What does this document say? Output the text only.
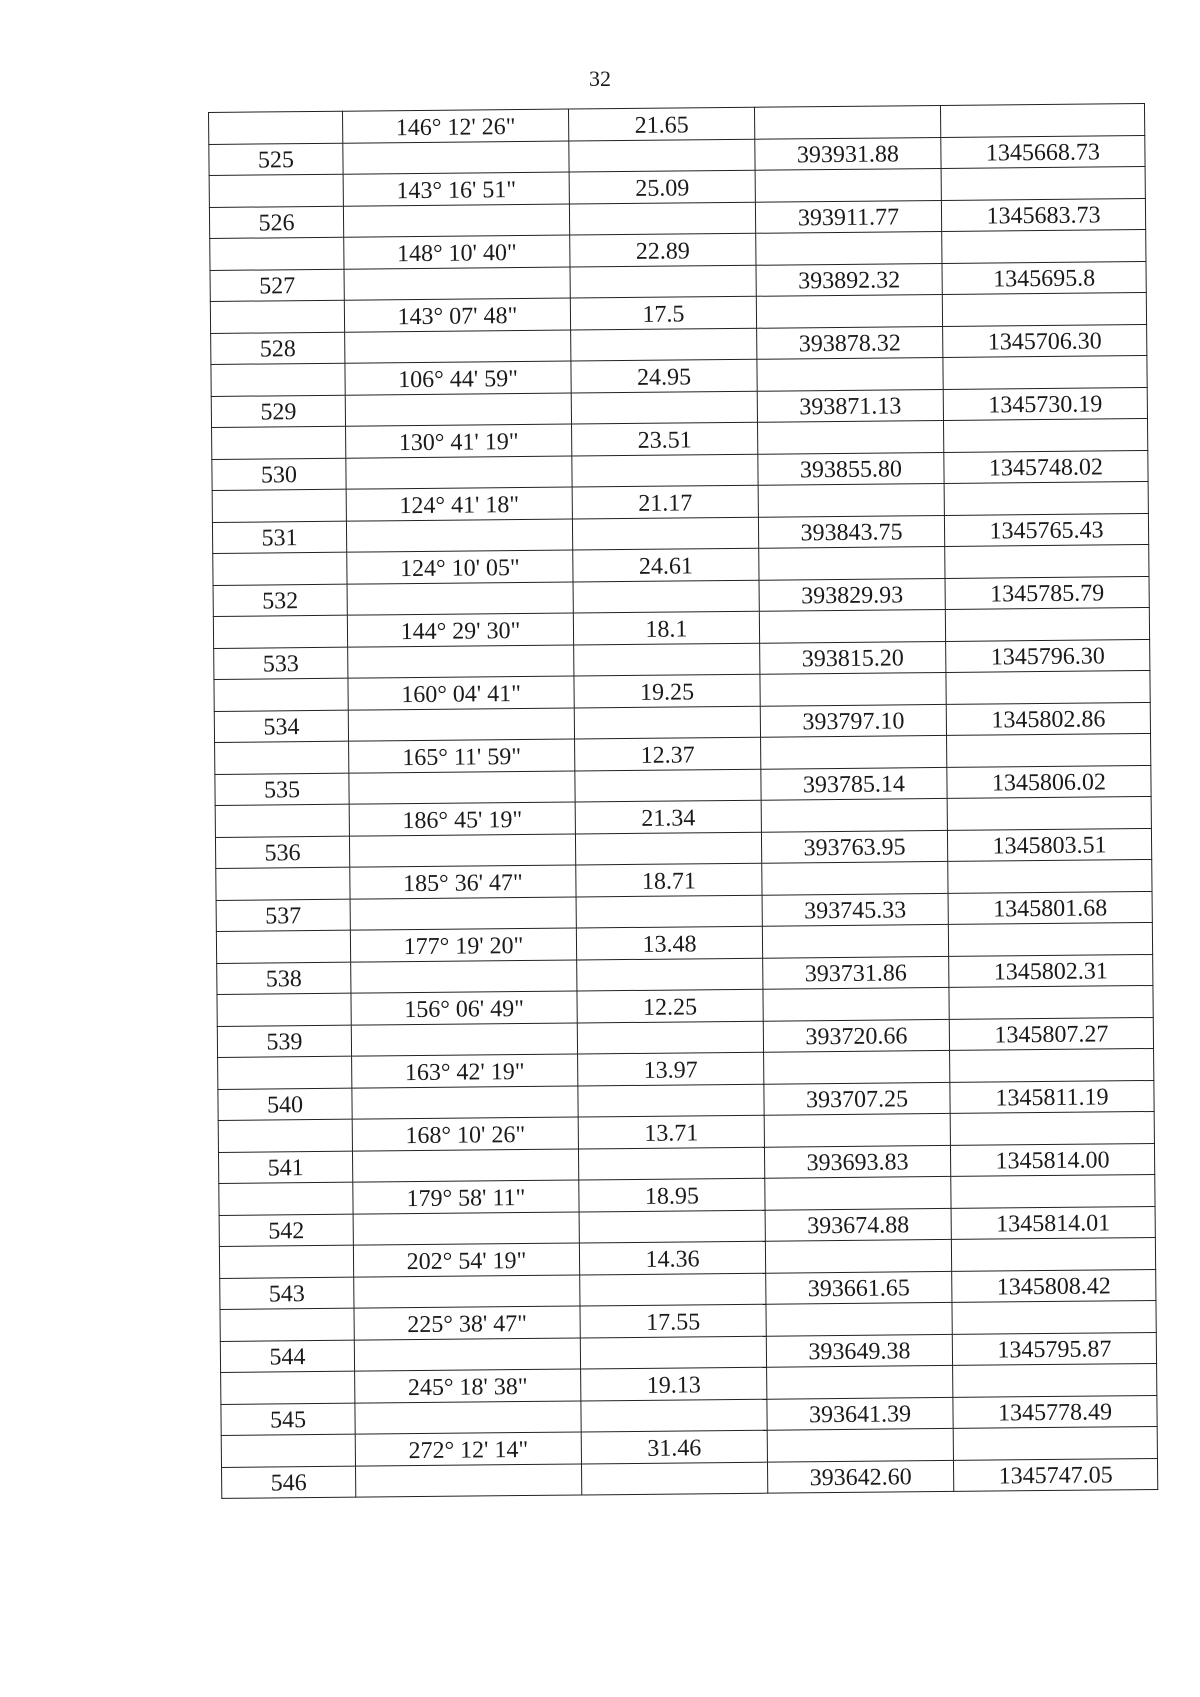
32
	146° 12' 26"	21.65		
525			393931.88	1345668.73
	143° 16' 51"	25.09		
526			393911.77	1345683.73
	148° 10' 40"	22.89		
527			393892.32	1345695.8
	143° 07' 48"	17.5		
528			393878.32	1345706.30
	106° 44' 59"	24.95		
529			393871.13	1345730.19
	130° 41' 19"	23.51		
530			393855.80	1345748.02
	124° 41' 18"	21.17		
531			393843.75	1345765.43
	124° 10' 05"	24.61		
532			393829.93	1345785.79
	144° 29' 30"	18.1		
533			393815.20	1345796.30
	160° 04' 41"	19.25		
534			393797.10	1345802.86
	165° 11' 59"	12.37		
535			393785.14	1345806.02
	186° 45' 19"	21.34		
536			393763.95	1345803.51
	185° 36' 47"	18.71		
537			393745.33	1345801.68
	177° 19' 20"	13.48		
538			393731.86	1345802.31
	156° 06' 49"	12.25		
539			393720.66	1345807.27
	163° 42' 19"	13.97		
540			393707.25	1345811.19
	168° 10' 26"	13.71		
541			393693.83	1345814.00
	179° 58' 11"	18.95		
542			393674.88	1345814.01
	202° 54' 19"	14.36		
543			393661.65	1345808.42
	225° 38' 47"	17.55		
544			393649.38	1345795.87
	245° 18' 38"	19.13		
545			393641.39	1345778.49
	272° 12' 14"	31.46		
546			393642.60	1345747.05
